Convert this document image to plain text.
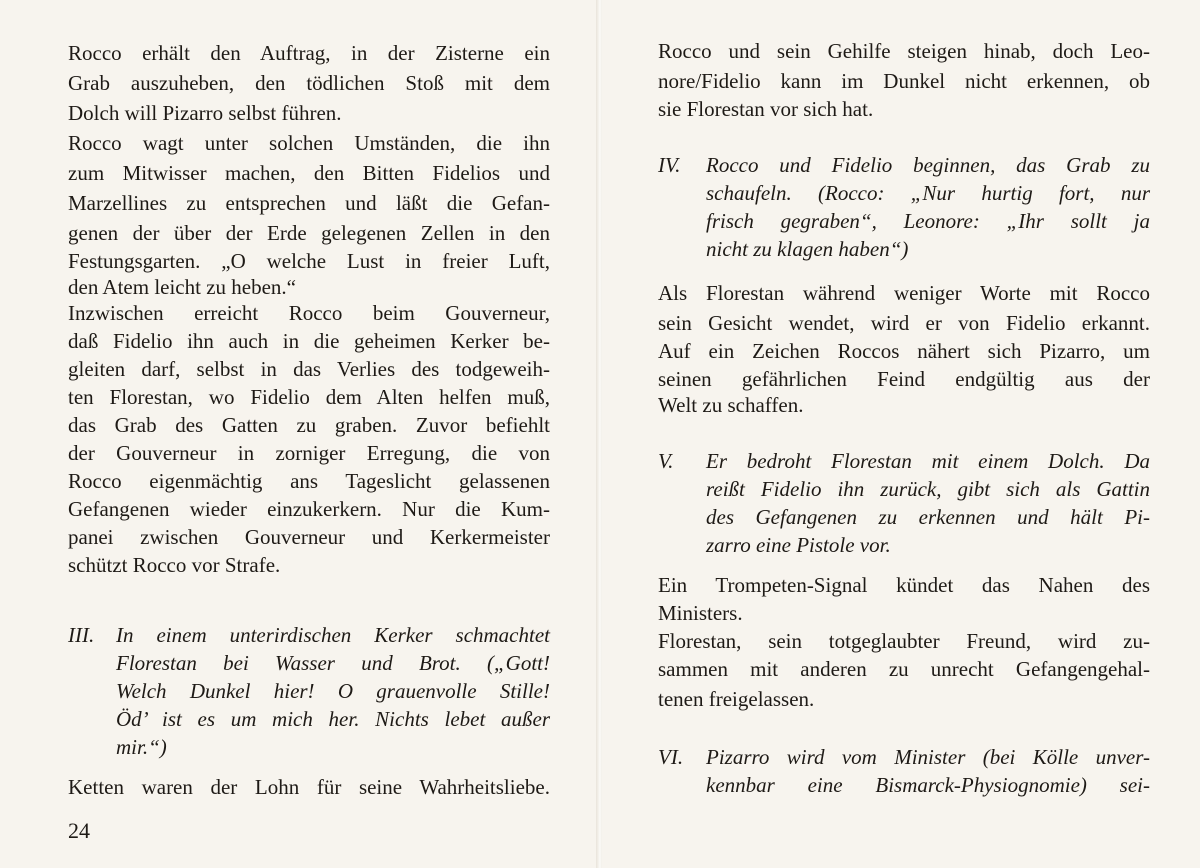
Rocco erhält den Auftrag, in der Zisterne ein
Grab auszuheben, den tödlichen Stoß mit dem
Dolch will Pizarro selbst führen.
Rocco wagt unter solchen Umständen, die ihn
zum Mitwisser machen, den Bitten Fidelios und
Marzellines zu entsprechen und läßt die Gefan-
genen der über der Erde gelegenen Zellen in den
Festungsgarten. „O welche Lust in freier Luft,
den Atem leicht zu heben.“
Inzwischen erreicht Rocco beim Gouverneur,
daß Fidelio ihn auch in die geheimen Kerker be-
gleiten darf, selbst in das Verlies des todgeweih-
ten Florestan, wo Fidelio dem Alten helfen muß,
das Grab des Gatten zu graben. Zuvor befiehlt
der Gouverneur in zorniger Erregung, die von
Rocco eigenmächtig ans Tageslicht gelassenen
Gefangenen wieder einzukerkern. Nur die Kum-
panei zwischen Gouverneur und Kerkermeister
schützt Rocco vor Strafe.
III. In einem unterirdischen Kerker schmachtet
Florestan bei Wasser und Brot. („Gott!
Welch Dunkel hier! O grauenvolle Stille!
Öd’ ist es um mich her. Nichts lebet außer
mir.“)
Ketten waren der Lohn für seine Wahrheitsliebe.
24
Rocco und sein Gehilfe steigen hinab, doch Leo-
nore/Fidelio kann im Dunkel nicht erkennen, ob
sie Florestan vor sich hat.
IV. Rocco und Fidelio beginnen, das Grab zu
schaufeln. (Rocco: „Nur hurtig fort, nur
frisch gegraben“, Leonore: „Ihr sollt ja
nicht zu klagen haben“)
Als Florestan während weniger Worte mit Rocco
sein Gesicht wendet, wird er von Fidelio erkannt.
Auf ein Zeichen Roccos nähert sich Pizarro, um
seinen gefährlichen Feind endgültig aus der
Welt zu schaffen.
V. Er bedroht Florestan mit einem Dolch. Da
reißt Fidelio ihn zurück, gibt sich als Gattin
des Gefangenen zu erkennen und hält Pi-
zarro eine Pistole vor.
Ein Trompeten-Signal kündet das Nahen des
Ministers.
Florestan, sein totgeglaubter Freund, wird zu-
sammen mit anderen zu unrecht Gefangengehal-
tenen freigelassen.
VI. Pizarro wird vom Minister (bei Kölle unver-
kennbar eine Bismarck-Physiognomie) sei-
